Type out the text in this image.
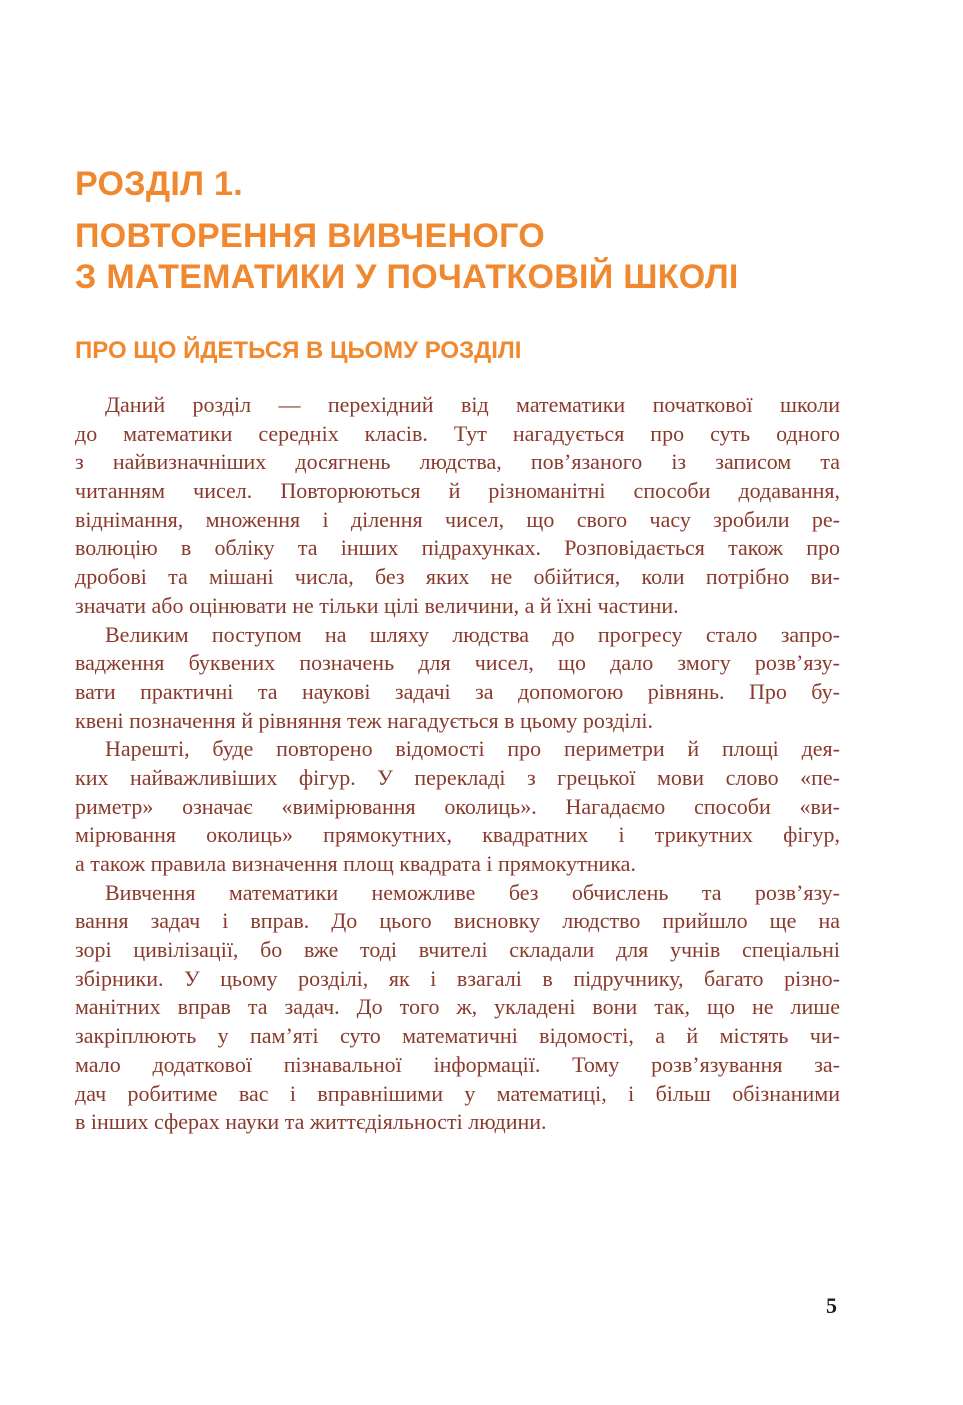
РОЗДІЛ 1.
ПОВТОРЕННЯ ВИВЧЕНОГО
З МАТЕМАТИКИ У ПОЧАТКОВІЙ ШКОЛІ
ПРО ЩО ЙДЕТЬСЯ В ЦЬОМУ РОЗДІЛІ

Даний розділ — перехідний від математики початкової школи
до математики середніх класів. Тут нагадується про суть одного
з найвизначніших досягнень людства, пов’язаного із записом та
читанням чисел. Повторюються й різноманітні способи додавання,
віднімання, множення і ділення чисел, що свого часу зробили ре-
волюцію в обліку та інших підрахунках. Розповідається також про
дробові та мішані числа, без яких не обійтися, коли потрібно ви-
значати або оцінювати не тільки цілі величини, а й їхні частини.

Великим поступом на шляху людства до прогресу стало запро-
вадження буквених позначень для чисел, що дало змогу розв’язу-
вати практичні та наукові задачі за допомогою рівнянь. Про бу-
квені позначення й рівняння теж нагадується в цьому розділі.

Нарешті, буде повторено відомості про периметри й площі дея-
ких найважливіших фігур. У перекладі з грецької мови слово «пе-
риметр» означає «вимірювання околиць». Нагадаємо способи «ви-
мірювання околиць» прямокутних, квадратних і трикутних фігур,
а також правила визначення площ квадрата і прямокутника.

Вивчення математики неможливе без обчислень та розв’язу-
вання задач і вправ. До цього висновку людство прийшло ще на
зорі цивілізації, бо вже тоді вчителі складали для учнів спеціальні
збірники. У цьому розділі, як і взагалі в підручнику, багато різно-
манітних вправ та задач. До того ж, укладені вони так, що не лише
закріплюють у пам’яті суто математичні відомості, а й містять чи-
мало додаткової пізнавальної інформації. Тому розв’язування за-
дач робитиме вас і вправнішими у математиці, і більш обізнаними
в інших сферах науки та життєдіяльності людини.

5
